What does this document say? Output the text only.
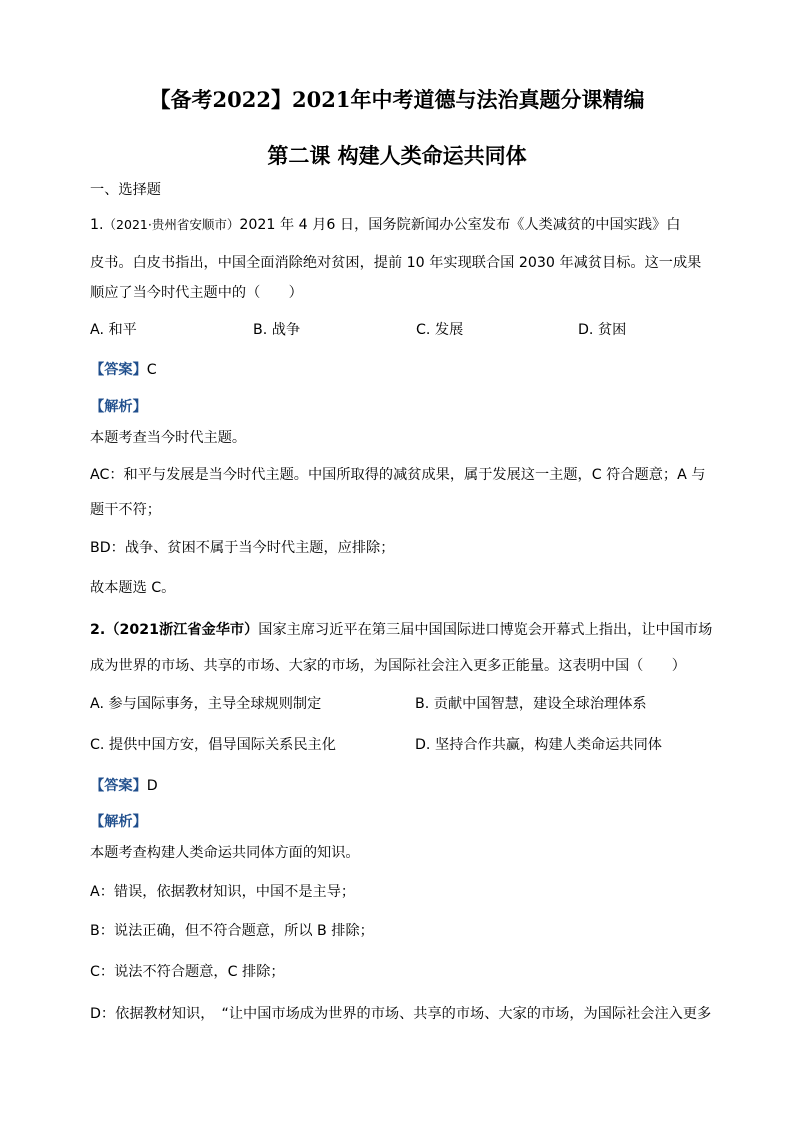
【备考2022】2021年中考道德与法治真题分课精编
第二课 构建人类命运共同体
一、选择题
1.（2021·贵州省安顺市）2021 年 4 月6 日，国务院新闻办公室发布《人类减贫的中国实践》白
皮书。白皮书指出，中国全面消除绝对贫困，提前 10 年实现联合国 2030 年减贫目标。这一成果
顺应了当今时代主题中的（　　）
A. 和平	B. 战争	C. 发展	D. 贫困
【答案】C
【解析】
本题考查当今时代主题。
AC：和平与发展是当今时代主题。中国所取得的减贫成果，属于发展这一主题，C 符合题意；A 与
题干不符；
BD：战争、贫困不属于当今时代主题，应排除；
故本题选 C。
2.（2021浙江省金华市）国家主席习近平在第三届中国国际进口博览会开幕式上指出，让中国市场
成为世界的市场、共享的市场、大家的市场，为国际社会注入更多正能量。这表明中国（　　）
A. 参与国际事务，主导全球规则制定	B. 贡献中国智慧，建设全球治理体系
C. 提供中国方安，倡导国际关系民主化	D. 坚持合作共赢，构建人类命运共同体
【答案】D
【解析】
本题考查构建人类命运共同体方面的知识。
A：错误，依据教材知识，中国不是主导；
B：说法正确，但不符合题意，所以 B 排除；
C：说法不符合题意，C 排除；
D：依据教材知识，　“让中国市场成为世界的市场、共享的市场、大家的市场，为国际社会注入更多
